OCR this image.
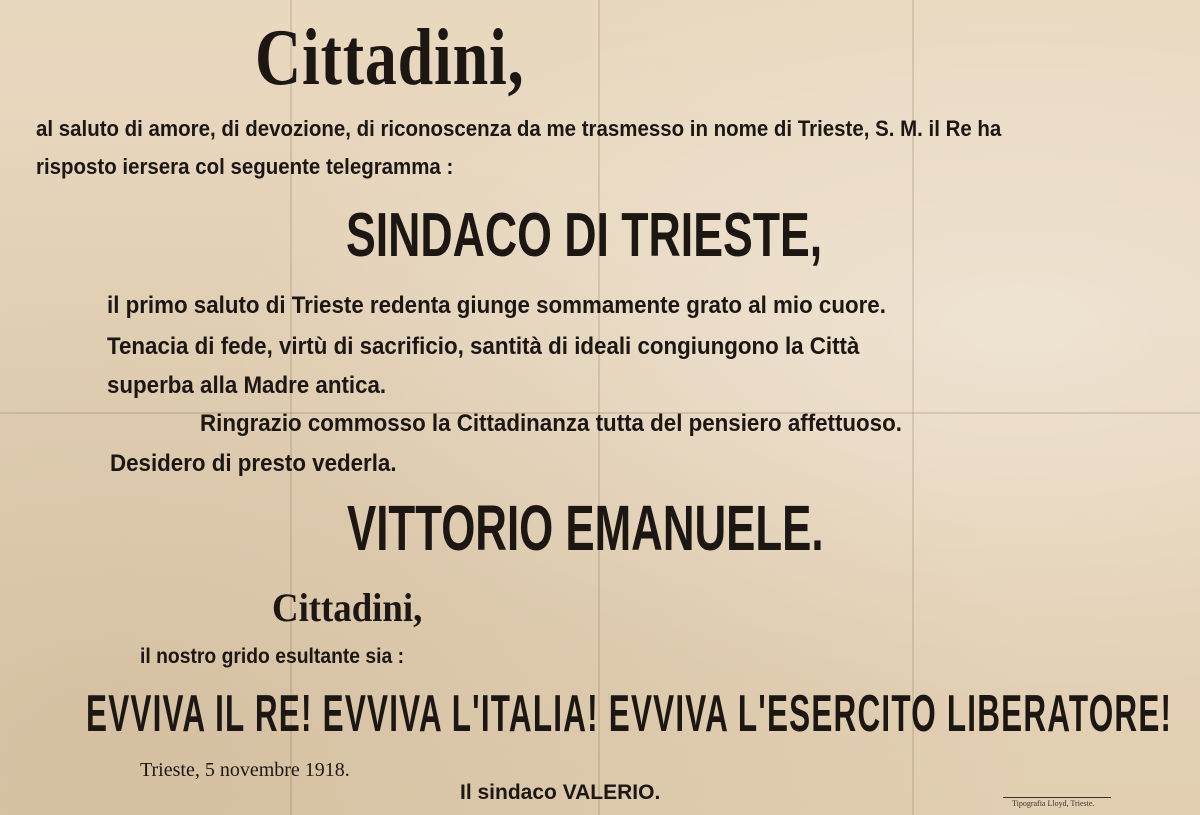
Cittadini,
al saluto di amore, di devozione, di riconoscenza da me trasmesso in nome di Trieste, S. M. il Re ha
risposto iersera col seguente telegramma :
SINDACO DI TRIESTE,
il primo saluto di Trieste redenta giunge sommamente grato al mio cuore.
Tenacia di fede, virtù di sacrificio, santità di ideali congiungono la Città
superba alla Madre antica.
Ringrazio commosso la Cittadinanza tutta del pensiero affettuoso.
Desidero di presto vederla.
VITTORIO EMANUELE.
Cittadini,
il nostro grido esultante sia :
EVVIVA IL RE! EVVIVA L'ITALIA! EVVIVA L'ESERCITO LIBERATORE!
Trieste, 5 novembre 1918.
Il sindaco VALERIO.	Tipografia Lloyd, Trieste.
